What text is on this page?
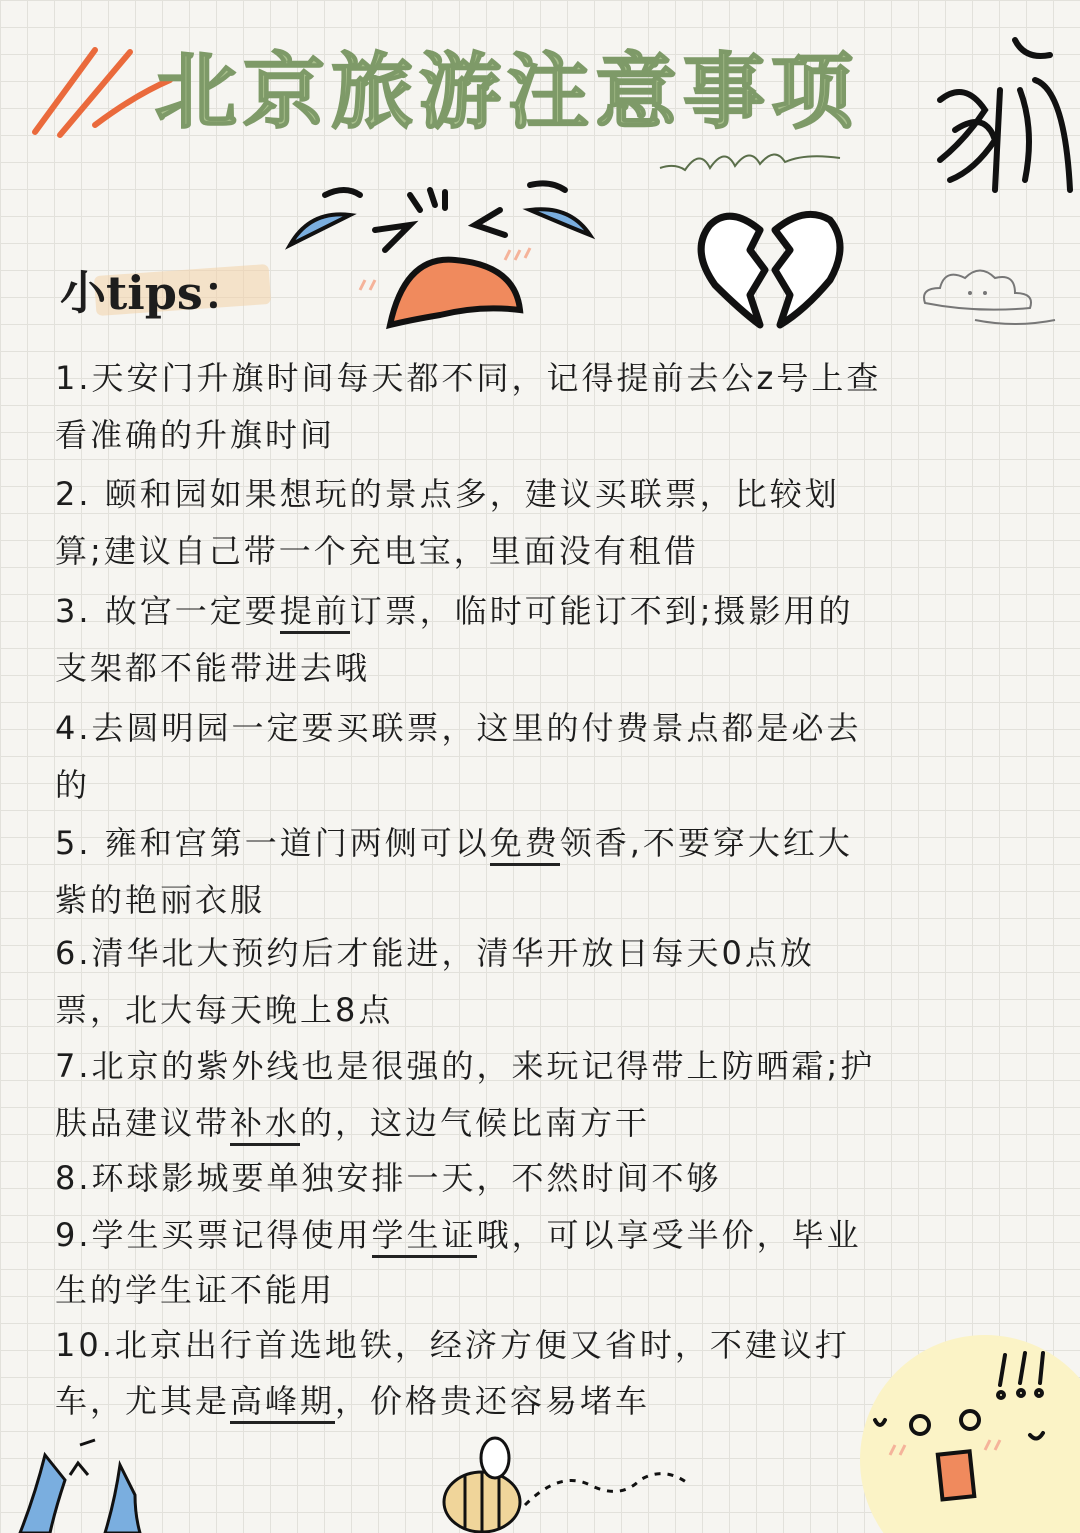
北京旅游注意事项
小tips：
1.天安门升旗时间每天都不同，记得提前去公z号上查
看准确的升旗时间
2. 颐和园如果想玩的景点多，建议买联票，比较划
算;建议自己带一个充电宝，里面没有租借
3. 故宫一定要提前订票，临时可能订不到;摄影用的
支架都不能带进去哦
4.去圆明园一定要买联票，这里的付费景点都是必去
的
5. 雍和宫第一道门两侧可以免费领香,不要穿大红大
紫的艳丽衣服
6.清华北大预约后才能进，清华开放日每天0点放
票，北大每天晚上8点
7.北京的紫外线也是很强的，来玩记得带上防晒霜;护
肤品建议带补水的，这边气候比南方干
8.环球影城要单独安排一天，不然时间不够
9.学生买票记得使用学生证哦，可以享受半价，毕业
生的学生证不能用
10.北京出行首选地铁，经济方便又省时，不建议打
车，尤其是高峰期，价格贵还容易堵车
